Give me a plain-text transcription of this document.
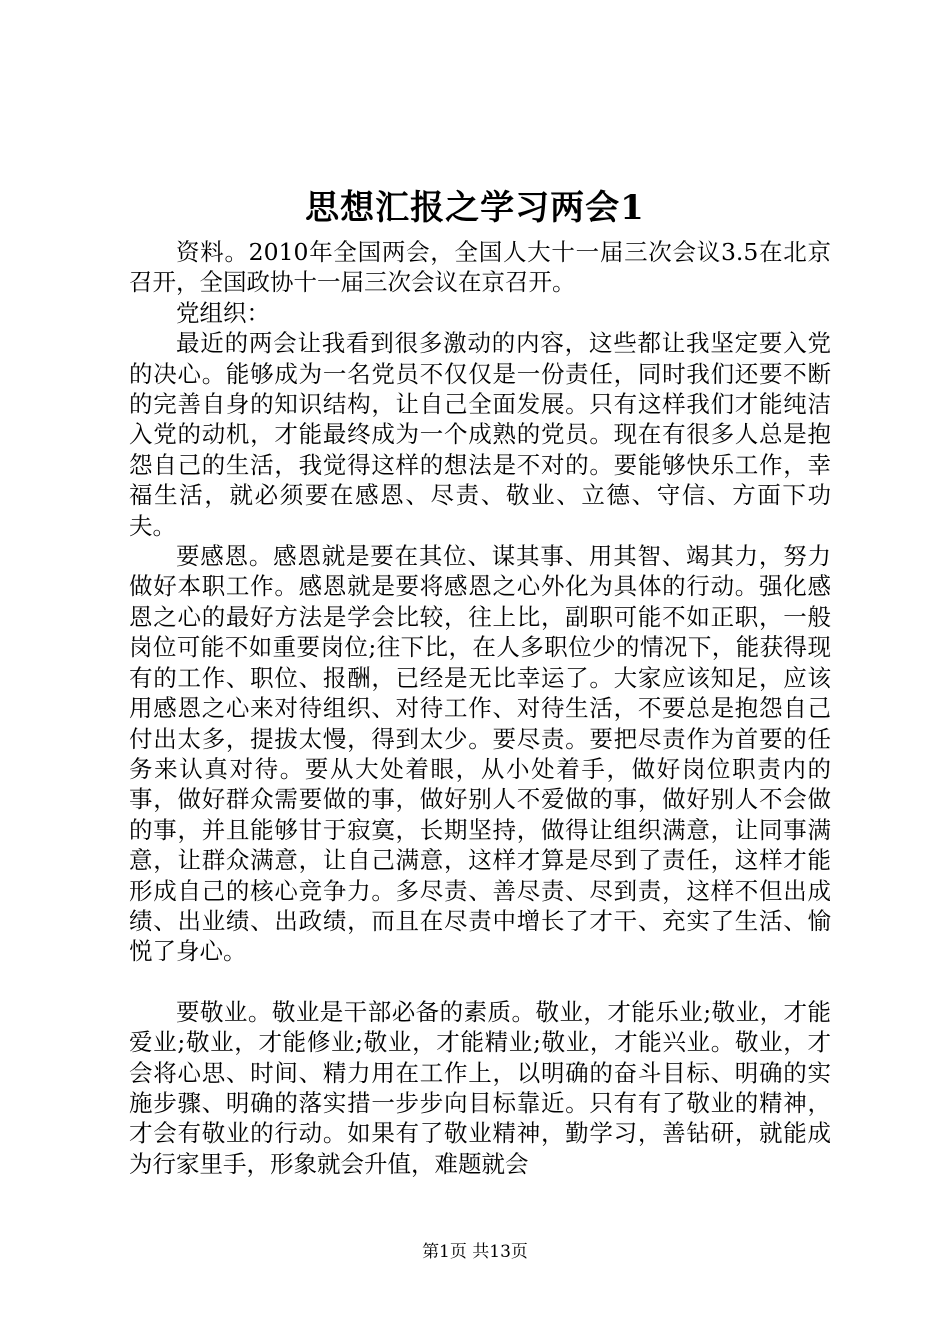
思想汇报之学习两会1

资料。2010年全国两会，全国人大十一届三次会议3.5在北京召开，全国政协十一届三次会议在京召开。

党组织：

最近的两会让我看到很多激动的内容，这些都让我坚定要入党的决心。能够成为一名党员不仅仅是一份责任，同时我们还要不断的完善自身的知识结构，让自己全面发展。只有这样我们才能纯洁入党的动机，才能最终成为一个成熟的党员。现在有很多人总是抱怨自己的生活，我觉得这样的想法是不对的。要能够快乐工作，幸福生活，就必须要在感恩、尽责、敬业、立德、守信、方面下功夫。

要感恩。感恩就是要在其位、谋其事、用其智、竭其力，努力做好本职工作。感恩就是要将感恩之心外化为具体的行动。强化感恩之心的最好方法是学会比较，往上比，副职可能不如正职，一般岗位可能不如重要岗位;往下比，在人多职位少的情况下，能获得现有的工作、职位、报酬，已经是无比幸运了。大家应该知足，应该用感恩之心来对待组织、对待工作、对待生活，不要总是抱怨自己付出太多，提拔太慢，得到太少。要尽责。要把尽责作为首要的任务来认真对待。要从大处着眼，从小处着手，做好岗位职责内的事，做好群众需要做的事，做好别人不爱做的事，做好别人不会做的事，并且能够甘于寂寞，长期坚持，做得让组织满意，让同事满意，让群众满意，让自己满意，这样才算是尽到了责任，这样才能形成自己的核心竞争力。多尽责、善尽责、尽到责，这样不但出成绩、出业绩、出政绩，而且在尽责中增长了才干、充实了生活、愉悦了身心。

要敬业。敬业是干部必备的素质。敬业，才能乐业;敬业，才能爱业;敬业，才能修业;敬业，才能精业;敬业，才能兴业。敬业，才会将心思、时间、精力用在工作上，以明确的奋斗目标、明确的实施步骤、明确的落实措一步步向目标靠近。只有有了敬业的精神，才会有敬业的行动。如果有了敬业精神，勤学习，善钻研，就能成为行家里手，形象就会升值，难题就会

第1页 共13页
